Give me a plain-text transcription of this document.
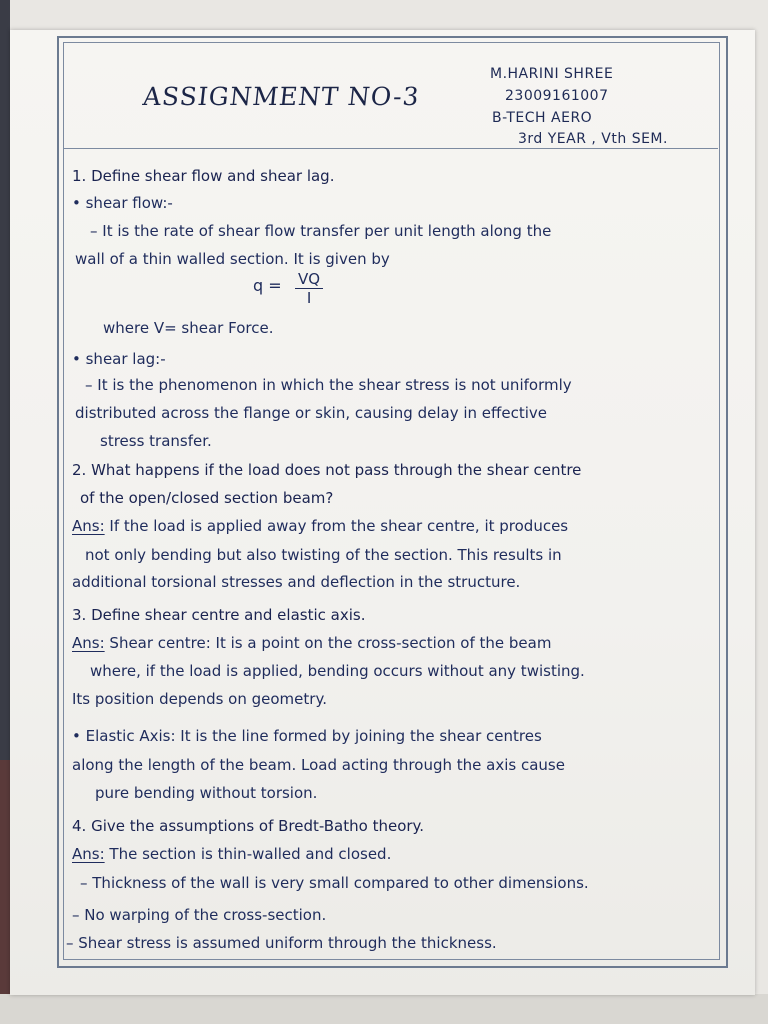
ASSIGNMENT NO-3
M.HARINI SHREE
23009161007
B-TECH AERO
3rd YEAR , Vth SEM.
1. Define shear flow and shear lag.
• shear flow:-
– It is the rate of shear flow transfer per unit length along the
wall of a thin walled section. It is given by
$q = \frac{VQ}{I}$
where V= shear Force.
• shear lag:-
– It is the phenomenon in which the shear stress is not uniformly
distributed across the flange or skin, causing delay in effective
stress transfer.
2. What happens if the load does not pass through the shear centre
of the open/closed section beam?
Ans: If the load is applied away from the shear centre, it produces
not only bending but also twisting of the section. This results in
additional torsional stresses and deflection in the structure.
3. Define shear centre and elastic axis.
Ans: Shear centre: It is a point on the cross-section of the beam
where, if the load is applied, bending occurs without any twisting.
Its position depends on geometry.
• Elastic Axis: It is the line formed by joining the shear centres
along the length of the beam. Load acting through the axis cause
pure bending without torsion.
4. Give the assumptions of Bredt-Batho theory.
Ans: The section is thin-walled and closed.
– Thickness of the wall is very small compared to other dimensions.
– No warping of the cross-section.
– Shear stress is assumed uniform through the thickness.
